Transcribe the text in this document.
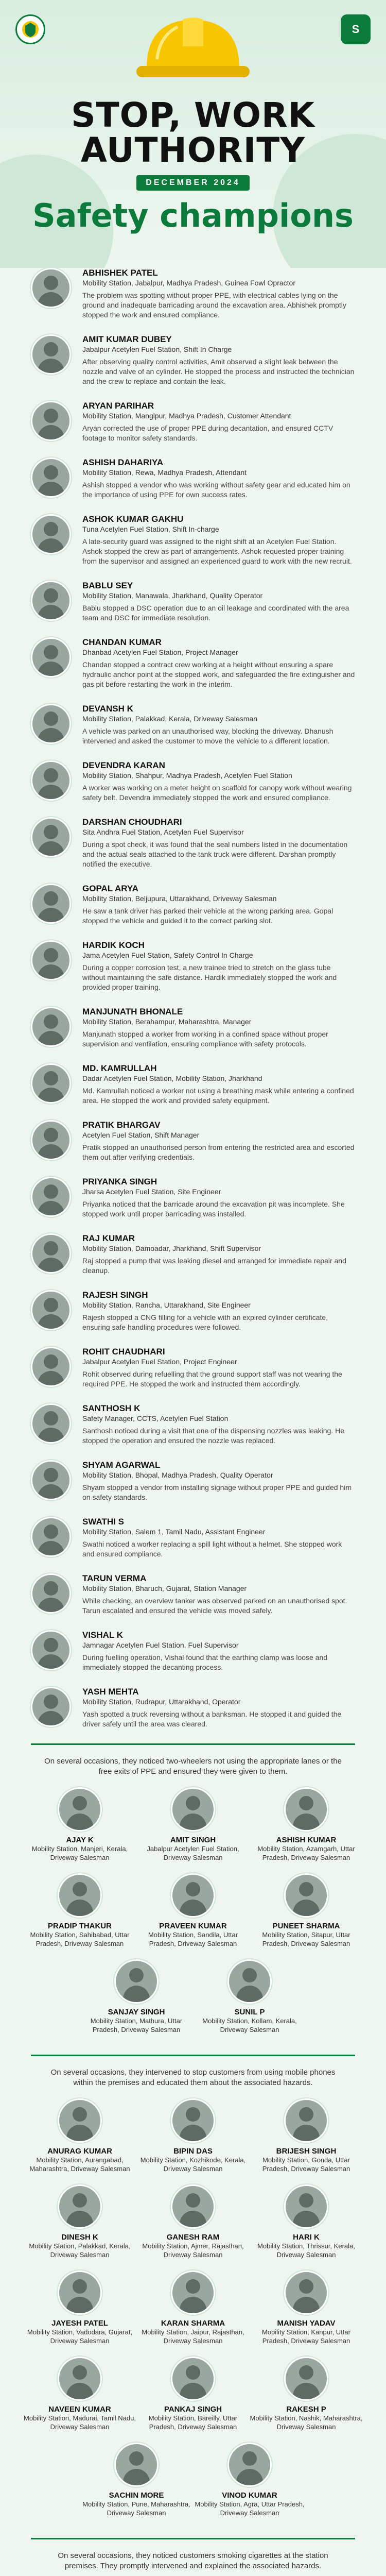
S
STOP, WORK
AUTHORITY
DECEMBER 2024
Safety champions
ABHISHEK PATEL
Mobility Station, Jabalpur, Madhya Pradesh, Guinea Fowl Opractor
The problem was spotting without proper PPE, with electrical cables lying on the ground and inadequate barricading around the excavation area. Abhishek promptly stopped the work and ensured compliance.
AMIT KUMAR DUBEY
Jabalpur Acetylen Fuel Station, Shift In Charge
After observing quality control activities, Amit observed a slight leak between the nozzle and valve of an cylinder. He stopped the process and instructed the technician and the crew to replace and contain the leak.
ARYAN PARIHAR
Mobility Station, Manglpur, Madhya Pradesh, Customer Attendant
Aryan corrected the use of proper PPE during decantation, and ensured CCTV footage to monitor safety standards.
ASHISH DAHARIYA
Mobility Station, Rewa, Madhya Pradesh, Attendant
Ashish stopped a vendor who was working without safety gear and educated him on the importance of using PPE for own success rates.
ASHOK KUMAR GAKHU
Tuna Acetylen Fuel Station, Shift In-charge
A late-security guard was assigned to the night shift at an Acetylen Fuel Station. Ashok stopped the crew as part of arrangements. Ashok requested proper training from the supervisor and assigned an experienced guard to work with the new recruit.
BABLU SEY
Mobility Station, Manawala, Jharkhand, Quality Operator
Bablu stopped a DSC operation due to an oil leakage and coordinated with the area team and DSC for immediate resolution.
CHANDAN KUMAR
Dhanbad Acetylen Fuel Station, Project Manager
Chandan stopped a contract crew working at a height without ensuring a spare hydraulic anchor point at the stopped work, and safeguarded the fire extinguisher and gas pit before restarting the work in the interim.
DEVANSH K
Mobility Station, Palakkad, Kerala, Driveway Salesman
A vehicle was parked on an unauthorised way, blocking the driveway. Dhanush intervened and asked the customer to move the vehicle to a different location.
DEVENDRA KARAN
Mobility Station, Shahpur, Madhya Pradesh, Acetylen Fuel Station
A worker was working on a meter height on scaffold for canopy work without wearing safety belt. Devendra immediately stopped the work and ensured compliance.
DARSHAN CHOUDHARI
Sita Andhra Fuel Station, Acetylen Fuel Supervisor
During a spot check, it was found that the seal numbers listed in the documentation and the actual seals attached to the tank truck were different. Darshan promptly notified the executive.
GOPAL ARYA
Mobility Station, Beljupura, Uttarakhand, Driveway Salesman
He saw a tank driver has parked their vehicle at the wrong parking area. Gopal stopped the vehicle and guided it to the correct parking slot.
HARDIK KOCH
Jama Acetylen Fuel Station, Safety Control In Charge
During a copper corrosion test, a new trainee tried to stretch on the glass tube without maintaining the safe distance. Hardik immediately stopped the work and provided proper training.
MANJUNATH BHONALE
Mobility Station, Berahampur, Maharashtra, Manager
Manjunath stopped a worker from working in a confined space without proper supervision and ventilation, ensuring compliance with safety protocols.
MD. KAMRULLAH
Dadar Acetylen Fuel Station, Mobility Station, Jharkhand
Md. Kamrullah noticed a worker not using a breathing mask while entering a confined area. He stopped the work and provided safety equipment.
PRATIK BHARGAV
Acetylen Fuel Station, Shift Manager
Pratik stopped an unauthorised person from entering the restricted area and escorted them out after verifying credentials.
PRIYANKA SINGH
Jharsa Acetylen Fuel Station, Site Engineer
Priyanka noticed that the barricade around the excavation pit was incomplete. She stopped work until proper barricading was installed.
RAJ KUMAR
Mobility Station, Damoadar, Jharkhand, Shift Supervisor
Raj stopped a pump that was leaking diesel and arranged for immediate repair and cleanup.
RAJESH SINGH
Mobility Station, Rancha, Uttarakhand, Site Engineer
Rajesh stopped a CNG filling for a vehicle with an expired cylinder certificate, ensuring safe handling procedures were followed.
ROHIT CHAUDHARI
Jabalpur Acetylen Fuel Station, Project Engineer
Rohit observed during refuelling that the ground support staff was not wearing the required PPE. He stopped the work and instructed them accordingly.
SANTHOSH K
Safety Manager, CCTS, Acetylen Fuel Station
Santhosh noticed during a visit that one of the dispensing nozzles was leaking. He stopped the operation and ensured the nozzle was replaced.
SHYAM AGARWAL
Mobility Station, Bhopal, Madhya Pradesh, Quality Operator
Shyam stopped a vendor from installing signage without proper PPE and guided him on safety standards.
SWATHI S
Mobility Station, Salem 1, Tamil Nadu, Assistant Engineer
Swathi noticed a worker replacing a spill light without a helmet. She stopped work and ensured compliance.
TARUN VERMA
Mobility Station, Bharuch, Gujarat, Station Manager
While checking, an overview tanker was observed parked on an unauthorised spot. Tarun escalated and ensured the vehicle was moved safely.
VISHAL K
Jamnagar Acetylen Fuel Station, Fuel Supervisor
During fuelling operation, Vishal found that the earthing clamp was loose and immediately stopped the decanting process.
YASH MEHTA
Mobility Station, Rudrapur, Uttarakhand, Operator
Yash spotted a truck reversing without a banksman. He stopped it and guided the driver safely until the area was cleared.

On several occasions, they noticed two-wheelers not using the appropriate lanes or the free exits of PPE and ensured they were given to them.

AJAY K
Mobility Station, Manjeri, Kerala, Driveway Salesman
AMIT SINGH
Jabalpur Acetylen Fuel Station, Driveway Salesman
ASHISH KUMAR
Mobility Station, Azamgarh, Uttar Pradesh, Driveway Salesman
PRADIP THAKUR
Mobility Station, Sahibabad, Uttar Pradesh, Driveway Salesman
PRAVEEN KUMAR
Mobility Station, Sandila, Uttar Pradesh, Driveway Salesman
PUNEET SHARMA
Mobility Station, Sitapur, Uttar Pradesh, Driveway Salesman
SANJAY SINGH
Mobility Station, Mathura, Uttar Pradesh, Driveway Salesman
SUNIL P
Mobility Station, Kollam, Kerala, Driveway Salesman

On several occasions, they intervened to stop customers from using mobile phones within the premises and educated them about the associated hazards.

ANURAG KUMAR
Mobility Station, Aurangabad, Maharashtra, Driveway Salesman
BIPIN DAS
Mobility Station, Kozhikode, Kerala, Driveway Salesman
BRIJESH SINGH
Mobility Station, Gonda, Uttar Pradesh, Driveway Salesman
DINESH K
Mobility Station, Palakkad, Kerala, Driveway Salesman
GANESH RAM
Mobility Station, Ajmer, Rajasthan, Driveway Salesman
HARI K
Mobility Station, Thrissur, Kerala, Driveway Salesman
JAYESH PATEL
Mobility Station, Vadodara, Gujarat, Driveway Salesman
KARAN SHARMA
Mobility Station, Jaipur, Rajasthan, Driveway Salesman
MANISH YADAV
Mobility Station, Kanpur, Uttar Pradesh, Driveway Salesman
NAVEEN KUMAR
Mobility Station, Madurai, Tamil Nadu, Driveway Salesman
PANKAJ SINGH
Mobility Station, Bareilly, Uttar Pradesh, Driveway Salesman
RAKESH P
Mobility Station, Nashik, Maharashtra, Driveway Salesman
SACHIN MORE
Mobility Station, Pune, Maharashtra, Driveway Salesman
VINOD KUMAR
Mobility Station, Agra, Uttar Pradesh, Driveway Salesman

On several occasions, they noticed customers smoking cigarettes at the station premises. They promptly intervened and explained the associated hazards.
